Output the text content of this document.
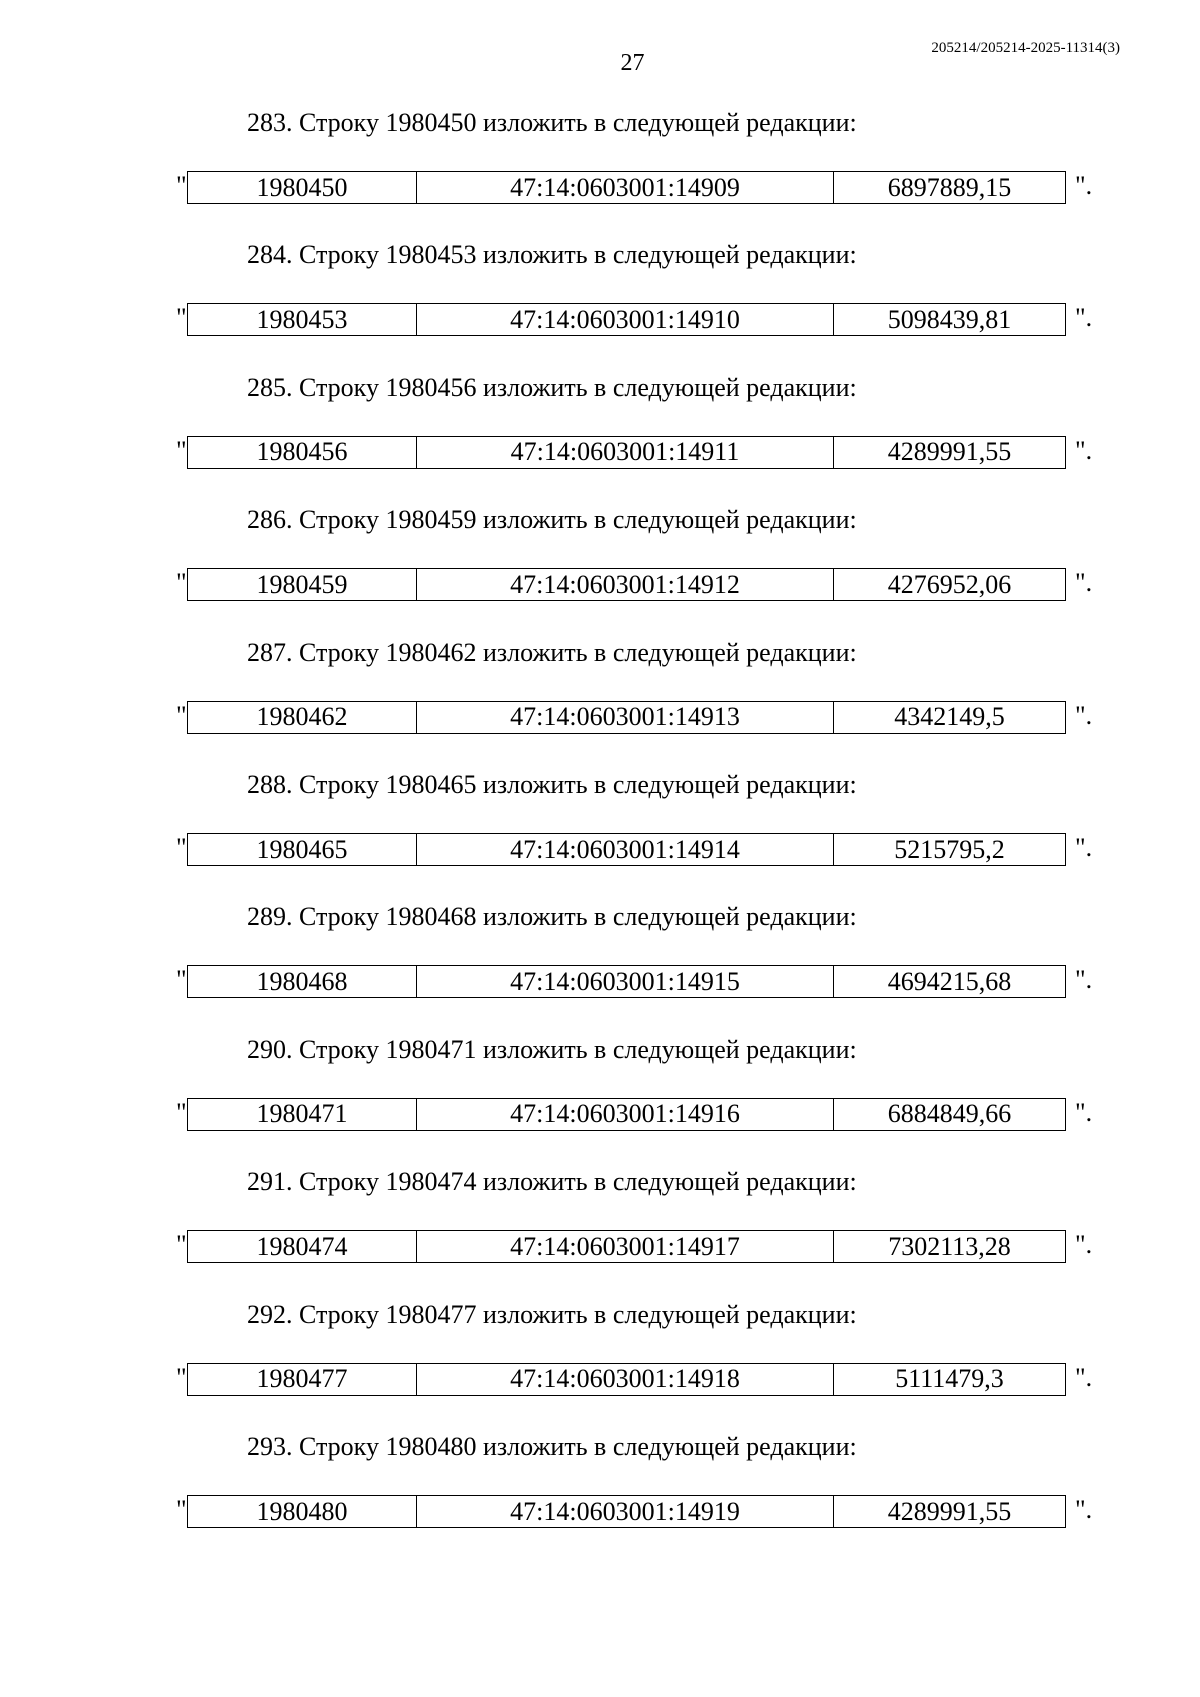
27
205214/205214-2025-11314(3)
283. Строку 1980450 изложить в следующей редакции:
"	1980450	47:14:0603001:14909	6897889,15 ".
284. Строку 1980453 изложить в следующей редакции:
"	1980453	47:14:0603001:14910	5098439,81 ".
285. Строку 1980456 изложить в следующей редакции:
"	1980456	47:14:0603001:14911	4289991,55 ".
286. Строку 1980459 изложить в следующей редакции:
"	1980459	47:14:0603001:14912	4276952,06 ".
287. Строку 1980462 изложить в следующей редакции:
"	1980462	47:14:0603001:14913	4342149,5	".
288. Строку 1980465 изложить в следующей редакции:
"	1980465	47:14:0603001:14914	5215795,2	".
289. Строку 1980468 изложить в следующей редакции:
"	1980468	47:14:0603001:14915	4694215,68 ".
290. Строку 1980471 изложить в следующей редакции:
"	1980471	47:14:0603001:14916	6884849,66 ".
291. Строку 1980474 изложить в следующей редакции:
"	1980474	47:14:0603001:14917	7302113,28 ".
292. Строку 1980477 изложить в следующей редакции:
"	1980477	47:14:0603001:14918	5111479,3	".
293. Строку 1980480 изложить в следующей редакции:
"	1980480	47:14:0603001:14919	4289991,55 ".
